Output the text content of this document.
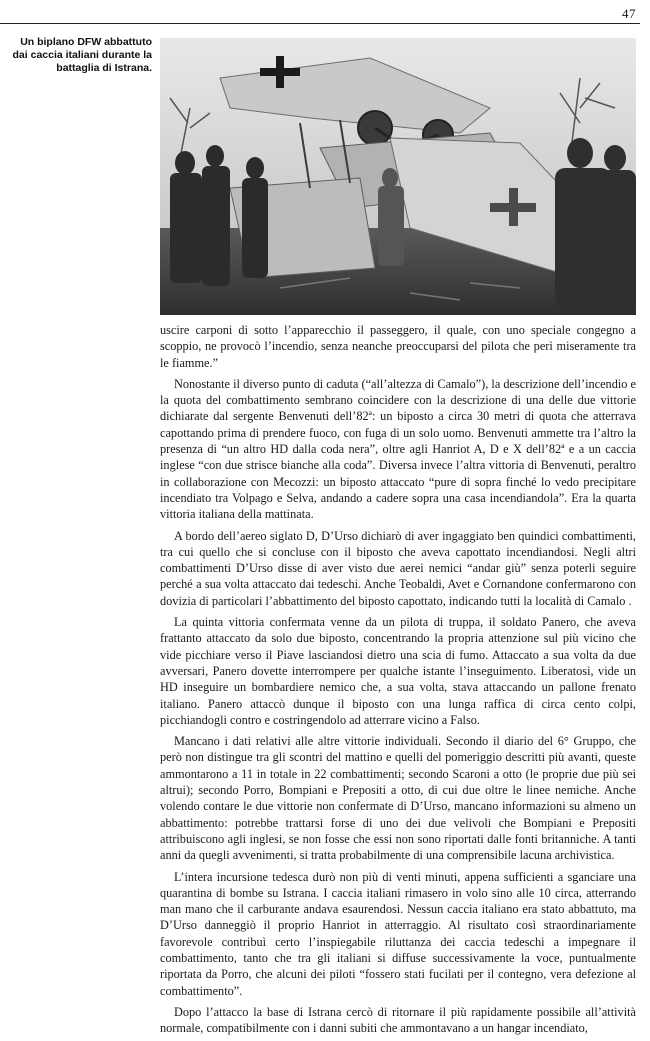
47
Un biplano DFW abbattuto dai caccia italiani durante la battaglia di Istrana.

uscire carponi di sotto l’apparecchio il passeggero, il quale, con uno speciale congegno a scoppio, ne provocò l’incendio, senza neanche preoccuparsi del pilota che perì miseramente tra le fiamme.”

Nonostante il diverso punto di caduta (“all’altezza di Camalo”), la descrizione dell’incendio e la quota del combattimento sembrano coincidere con la descrizione di una delle due vittorie dichiarate dal sergente Benvenuti dell’82ª: un biposto a circa 30 metri di quota che atterrava capottando prima di prendere fuoco, con fuga di un solo uomo. Benvenuti ammette tra l’altro la presenza di “un altro HD dalla coda nera”, oltre agli Hanriot A, D e X dell’82ª e a un caccia inglese “con due strisce bianche alla coda”. Diversa invece l’altra vittoria di Benvenuti, peraltro in collaborazione con Mecozzi: un biposto attaccato “pure di sopra finché lo vedo precipitare incendiato tra Volpago e Selva, andando a cadere sopra una casa incendiandola”. Era la quarta vittoria italiana della mattinata.

A bordo dell’aereo siglato D, D’Urso dichiarò di aver ingaggiato ben quindici combattimenti, tra cui quello che si concluse con il biposto che aveva capottato incendiandosi. Negli altri combattimenti D’Urso disse di aver visto due aerei nemici “andar giù” senza poterli seguire perché a sua volta attaccato dai tedeschi. Anche Teobaldi, Avet e Cornandone confermarono con dovizia di particolari l’abbattimento del biposto capottato, indicando tutti la località di Camalo .

La quinta vittoria confermata venne da un pilota di truppa, il soldato Panero, che aveva frattanto attaccato da solo due biposto, concentrando la propria attenzione sul più vicino che vide picchiare verso il Piave lasciandosi dietro una scia di fumo. Attaccato a sua volta da due avversari, Panero dovette interrompere per qualche istante l’inseguimento. Liberatosi, vide un HD inseguire un bombardiere nemico che, a sua volta, stava attaccando un pallone frenato italiano. Panero attaccò dunque il biposto con una lunga raffica di circa cento colpi, picchiandogli contro e costringendolo ad atterrare vicino a Falso.

Mancano i dati relativi alle altre vittorie individuali. Secondo il diario del 6° Gruppo, che però non distingue tra gli scontri del mattino e quelli del pomeriggio descritti più avanti, queste ammontarono a 11 in totale in 22 combattimenti; secondo Scaroni a otto (le proprie due più sei altrui); secondo Porro, Bompiani e Prepositi a otto, di cui due oltre le linee nemiche. Anche volendo contare le due vittorie non confermate di D’Urso, mancano informazioni su almeno un abbattimento: potrebbe trattarsi forse di uno dei due velivoli che Bompiani e Prepositi attribuiscono agli inglesi, se non fosse che essi non sono riportati dalle fonti britanniche. A tanti anni da quegli avvenimenti, si tratta probabilmente di una comprensibile lacuna archivistica.

L’intera incursione tedesca durò non più di venti minuti, appena sufficienti a sganciare una quarantina di bombe su Istrana. I caccia italiani rimasero in volo sino alle 10 circa, atterrando man mano che il carburante andava esaurendosi. Nessun caccia italiano era stato abbattuto, ma D’Urso danneggiò il proprio Hanriot in atterraggio. Al risultato così straordinariamente favorevole contribuì certo l’inspiegabile riluttanza dei caccia tedeschi a impegnare il combattimento, tanto che tra gli italiani si diffuse successivamente la voce, puntualmente riportata da Porro, che alcuni dei piloti “fossero stati fucilati per il contegno, vera defezione al combattimento”.

Dopo l’attacco la base di Istrana cercò di ritornare il più rapidamente possibile all’attività normale, compatibilmente con i danni subiti che ammontavano a un hangar incendiato,
